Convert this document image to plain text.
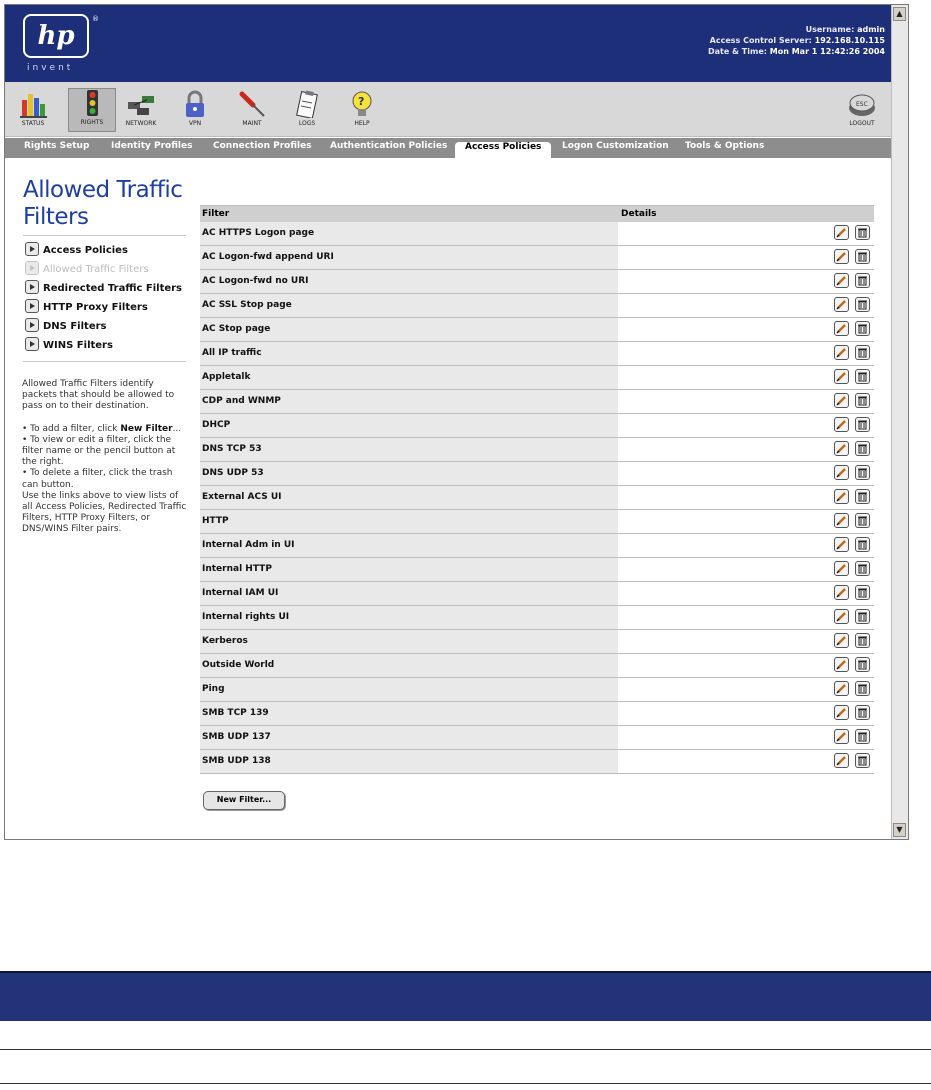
hp
®
invent
Username: admin
Access Control Server: 192.168.10.115
Date & Time: Mon Mar 1 12:42:26 2004
STATUS	RIGHTS	NETWORK	VPN	MAINT	LOGS
?
HELP
ESC
LOGOUT
Rights Setup Identity Profiles Connection Profiles Authentication Policies	Access Policies	Logon Customization Tools & Options
Allowed Traffic
Filters
Access Policies
Allowed Traffic Filters
Redirected Traffic Filters
HTTP Proxy Filters
DNS Filters
WINS Filters

Allowed Traffic Filters identify packets that should be allowed to pass on to their destination.

• To add a filter, click New Filter...
• To view or edit a filter, click the filter name or the pencil button at the right.
• To delete a filter, click the trash can button.
Use the links above to view lists of all Access Policies, Redirected Traffic Filters, HTTP Proxy Filters, or DNS/WINS Filter pairs.
Filter	Details
AC HTTPS Logon page
AC Logon-fwd append URI
AC Logon-fwd no URI
AC SSL Stop page
AC Stop page
All IP traffic
Appletalk
CDP and WNMP
DHCP
DNS TCP 53
DNS UDP 53
External ACS UI
HTTP
Internal Adm in UI
Internal HTTP
Internal IAM UI
Internal rights UI
Kerberos
Outside World
Ping
SMB TCP 139
SMB UDP 137
SMB UDP 138
New Filter...
▲
▼
